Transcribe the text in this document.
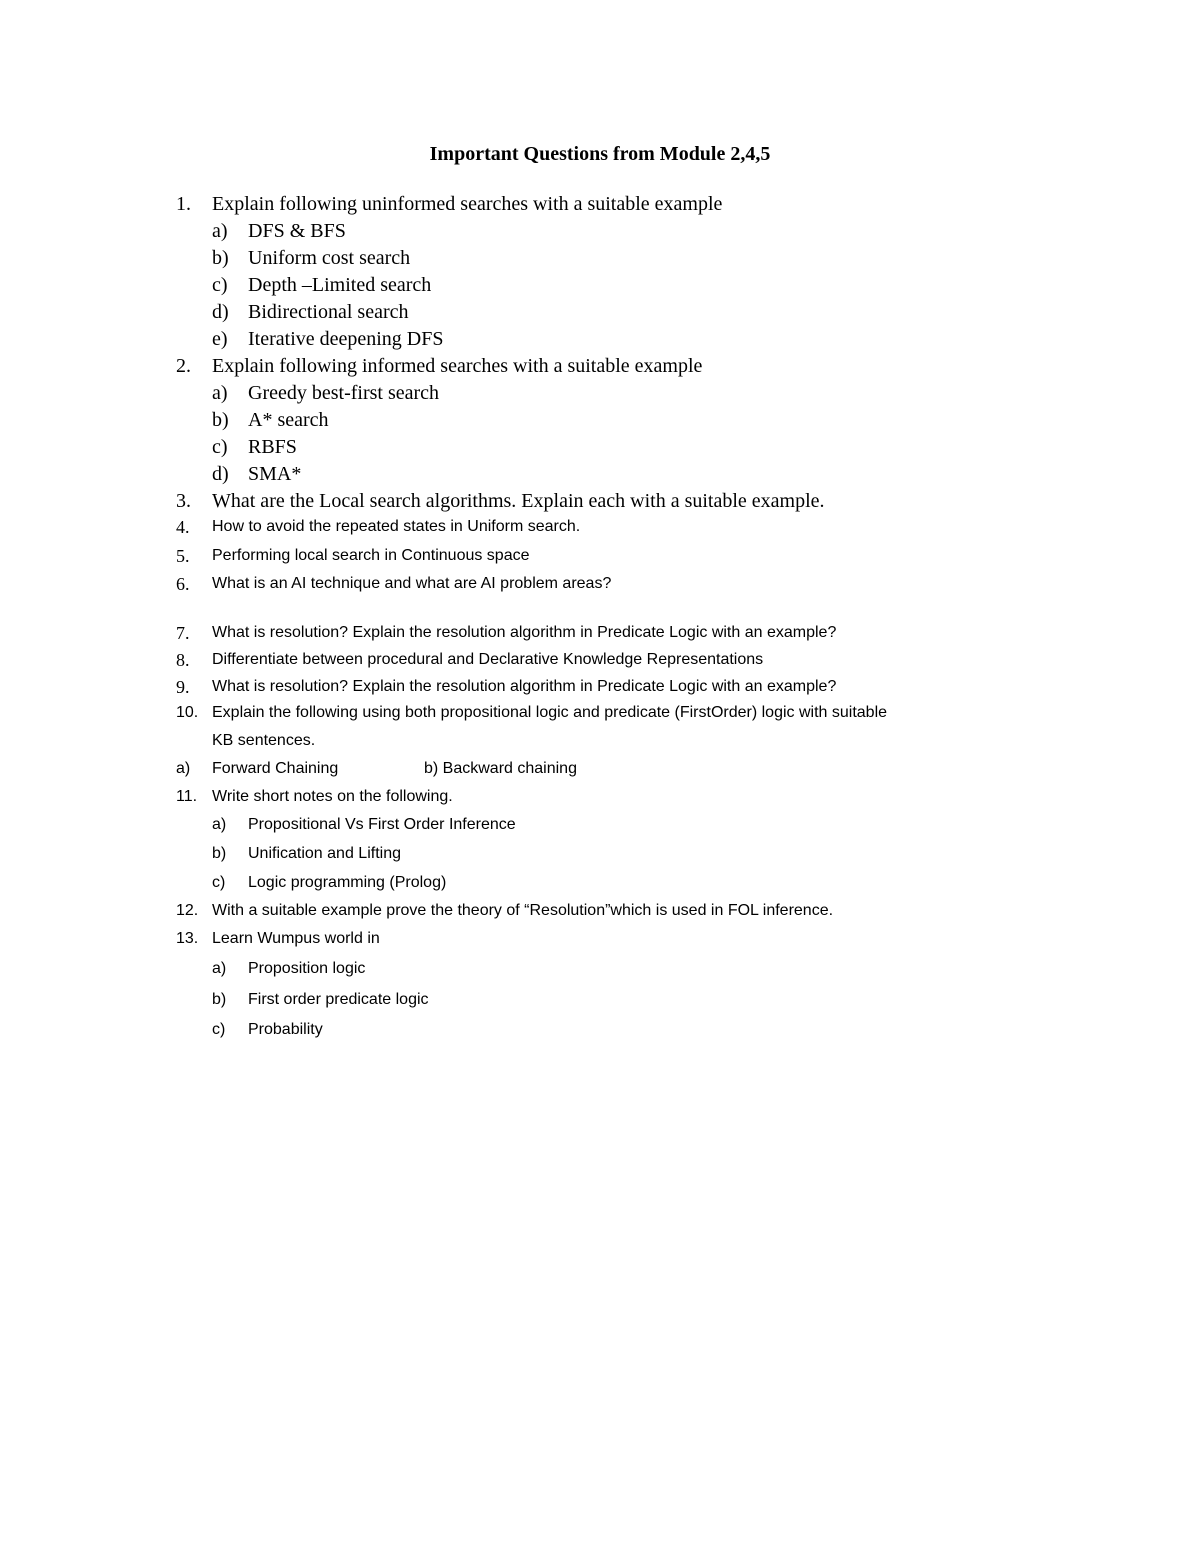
Important Questions from Module 2,4,5
1. Explain following uninformed searches with a suitable example
a) DFS & BFS
b) Uniform cost search
c) Depth –Limited search
d) Bidirectional search
e) Iterative deepening DFS
2. Explain following informed searches with a suitable example
a) Greedy best-first search
b) A* search
c) RBFS
d) SMA*
3. What are the Local search algorithms. Explain each with a suitable example.
4. How to avoid the repeated states in Uniform search.
5. Performing local search in Continuous space
6. What is an AI technique and what are AI problem areas?
7. What is resolution? Explain the resolution algorithm in Predicate Logic with an example?
8. Differentiate between procedural and Declarative Knowledge Representations
9. What is resolution? Explain the resolution algorithm in Predicate Logic with an example?
10. Explain the following using both propositional logic and predicate (FirstOrder) logic with suitable
KB sentences.
a) Forward Chaining	b) Backward chaining
11. Write short notes on the following.
a) Propositional Vs First Order Inference
b) Unification and Lifting
c) Logic programming (Prolog)
12. With a suitable example prove the theory of “Resolution”which is used in FOL inference.
13. Learn Wumpus world in
a) Proposition logic
b) First order predicate logic
c) Probability
